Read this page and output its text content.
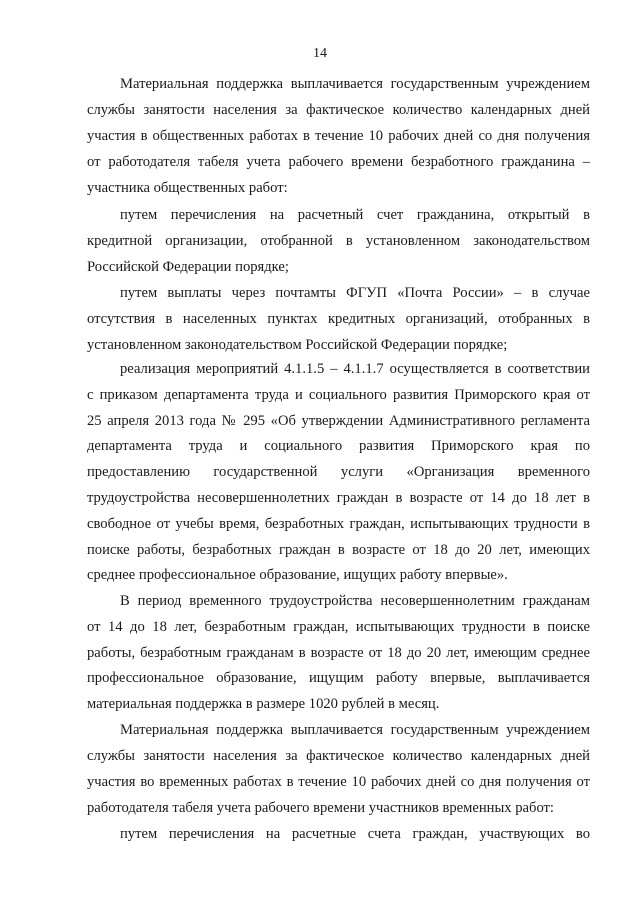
14

Материальная поддержка выплачивается государственным учреждением

службы занятости населения за фактическое количество календарных дней

участия в общественных работах в течение 10 рабочих дней со дня получения

от работодателя табеля учета рабочего времени безработного гражданина –

участника общественных работ:

путем перечисления на расчетный счет гражданина, открытый в

кредитной организации, отобранной в установленном законодательством

Российской Федерации порядке;

путем выплаты через почтамты ФГУП «Почта России» – в случае

отсутствия в населенных пунктах кредитных организаций, отобранных в

установленном законодательством Российской Федерации порядке;

реализация мероприятий 4.1.1.5 – 4.1.1.7 осуществляется в соответствии

с приказом департамента труда и социального развития Приморского края от

25 апреля 2013 года № 295 «Об утверждении Административного регламента

департамента труда и социального развития Приморского края по

предоставлению государственной услуги «Организация временного

трудоустройства несовершеннолетних граждан в возрасте от 14 до 18 лет в

свободное от учебы время, безработных граждан, испытывающих трудности в

поиске работы, безработных граждан в возрасте от 18 до 20 лет, имеющих

среднее профессиональное образование, ищущих работу впервые».

В период временного трудоустройства несовершеннолетним гражданам

от 14 до 18 лет, безработным граждан, испытывающих трудности в поиске

работы, безработным гражданам в возрасте от 18 до 20 лет, имеющим среднее

профессиональное образование, ищущим работу впервые, выплачивается

материальная поддержка в размере 1020 рублей в месяц.

Материальная поддержка выплачивается государственным учреждением

службы занятости населения за фактическое количество календарных дней

участия во временных работах в течение 10 рабочих дней со дня получения от

работодателя табеля учета рабочего времени участников временных работ:

путем перечисления на расчетные счета граждан, участвующих во
